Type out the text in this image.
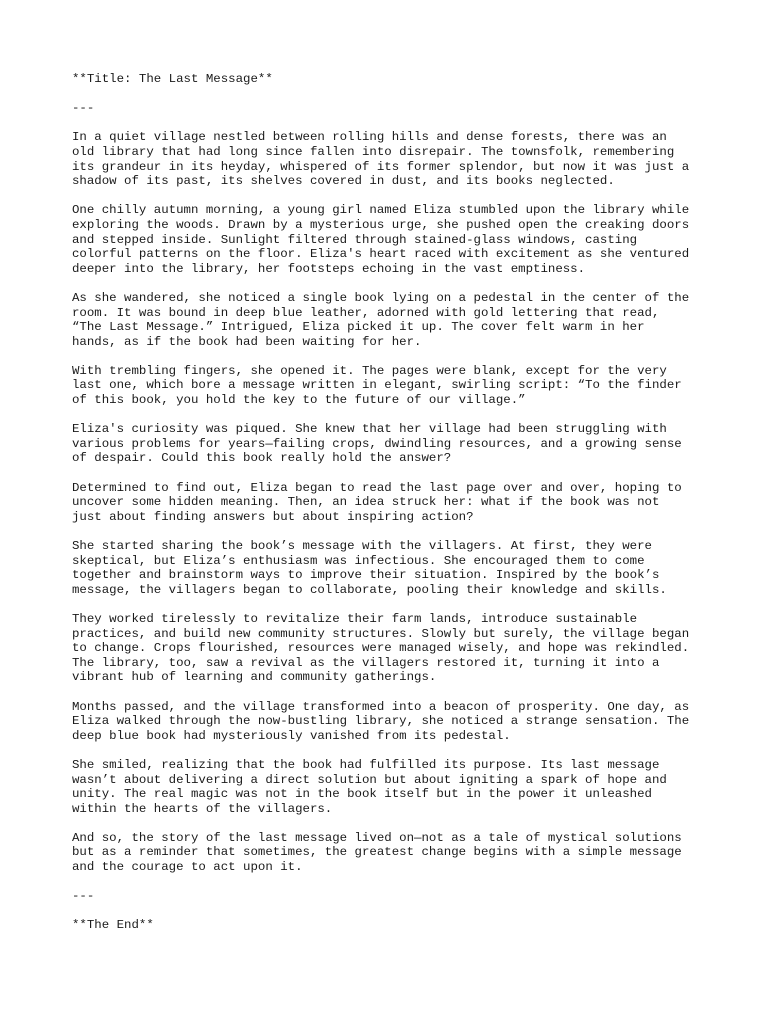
**Title: The Last Message**
---
In a quiet village nestled between rolling hills and dense forests, there was an
old library that had long since fallen into disrepair. The townsfolk, remembering
its grandeur in its heyday, whispered of its former splendor, but now it was just a
shadow of its past, its shelves covered in dust, and its books neglected.
One chilly autumn morning, a young girl named Eliza stumbled upon the library while
exploring the woods. Drawn by a mysterious urge, she pushed open the creaking doors
and stepped inside. Sunlight filtered through stained-glass windows, casting
colorful patterns on the floor. Eliza's heart raced with excitement as she ventured
deeper into the library, her footsteps echoing in the vast emptiness.
As she wandered, she noticed a single book lying on a pedestal in the center of the
room. It was bound in deep blue leather, adorned with gold lettering that read,
“The Last Message.” Intrigued, Eliza picked it up. The cover felt warm in her
hands, as if the book had been waiting for her.
With trembling fingers, she opened it. The pages were blank, except for the very
last one, which bore a message written in elegant, swirling script: “To the finder
of this book, you hold the key to the future of our village.”
Eliza's curiosity was piqued. She knew that her village had been struggling with
various problems for years—failing crops, dwindling resources, and a growing sense
of despair. Could this book really hold the answer?
Determined to find out, Eliza began to read the last page over and over, hoping to
uncover some hidden meaning. Then, an idea struck her: what if the book was not
just about finding answers but about inspiring action?
She started sharing the book’s message with the villagers. At first, they were
skeptical, but Eliza’s enthusiasm was infectious. She encouraged them to come
together and brainstorm ways to improve their situation. Inspired by the book’s
message, the villagers began to collaborate, pooling their knowledge and skills.
They worked tirelessly to revitalize their farm lands, introduce sustainable
practices, and build new community structures. Slowly but surely, the village began
to change. Crops flourished, resources were managed wisely, and hope was rekindled.
The library, too, saw a revival as the villagers restored it, turning it into a
vibrant hub of learning and community gatherings.
Months passed, and the village transformed into a beacon of prosperity. One day, as
Eliza walked through the now-bustling library, she noticed a strange sensation. The
deep blue book had mysteriously vanished from its pedestal.
She smiled, realizing that the book had fulfilled its purpose. Its last message
wasn’t about delivering a direct solution but about igniting a spark of hope and
unity. The real magic was not in the book itself but in the power it unleashed
within the hearts of the villagers.
And so, the story of the last message lived on—not as a tale of mystical solutions
but as a reminder that sometimes, the greatest change begins with a simple message
and the courage to act upon it.
---
**The End**
